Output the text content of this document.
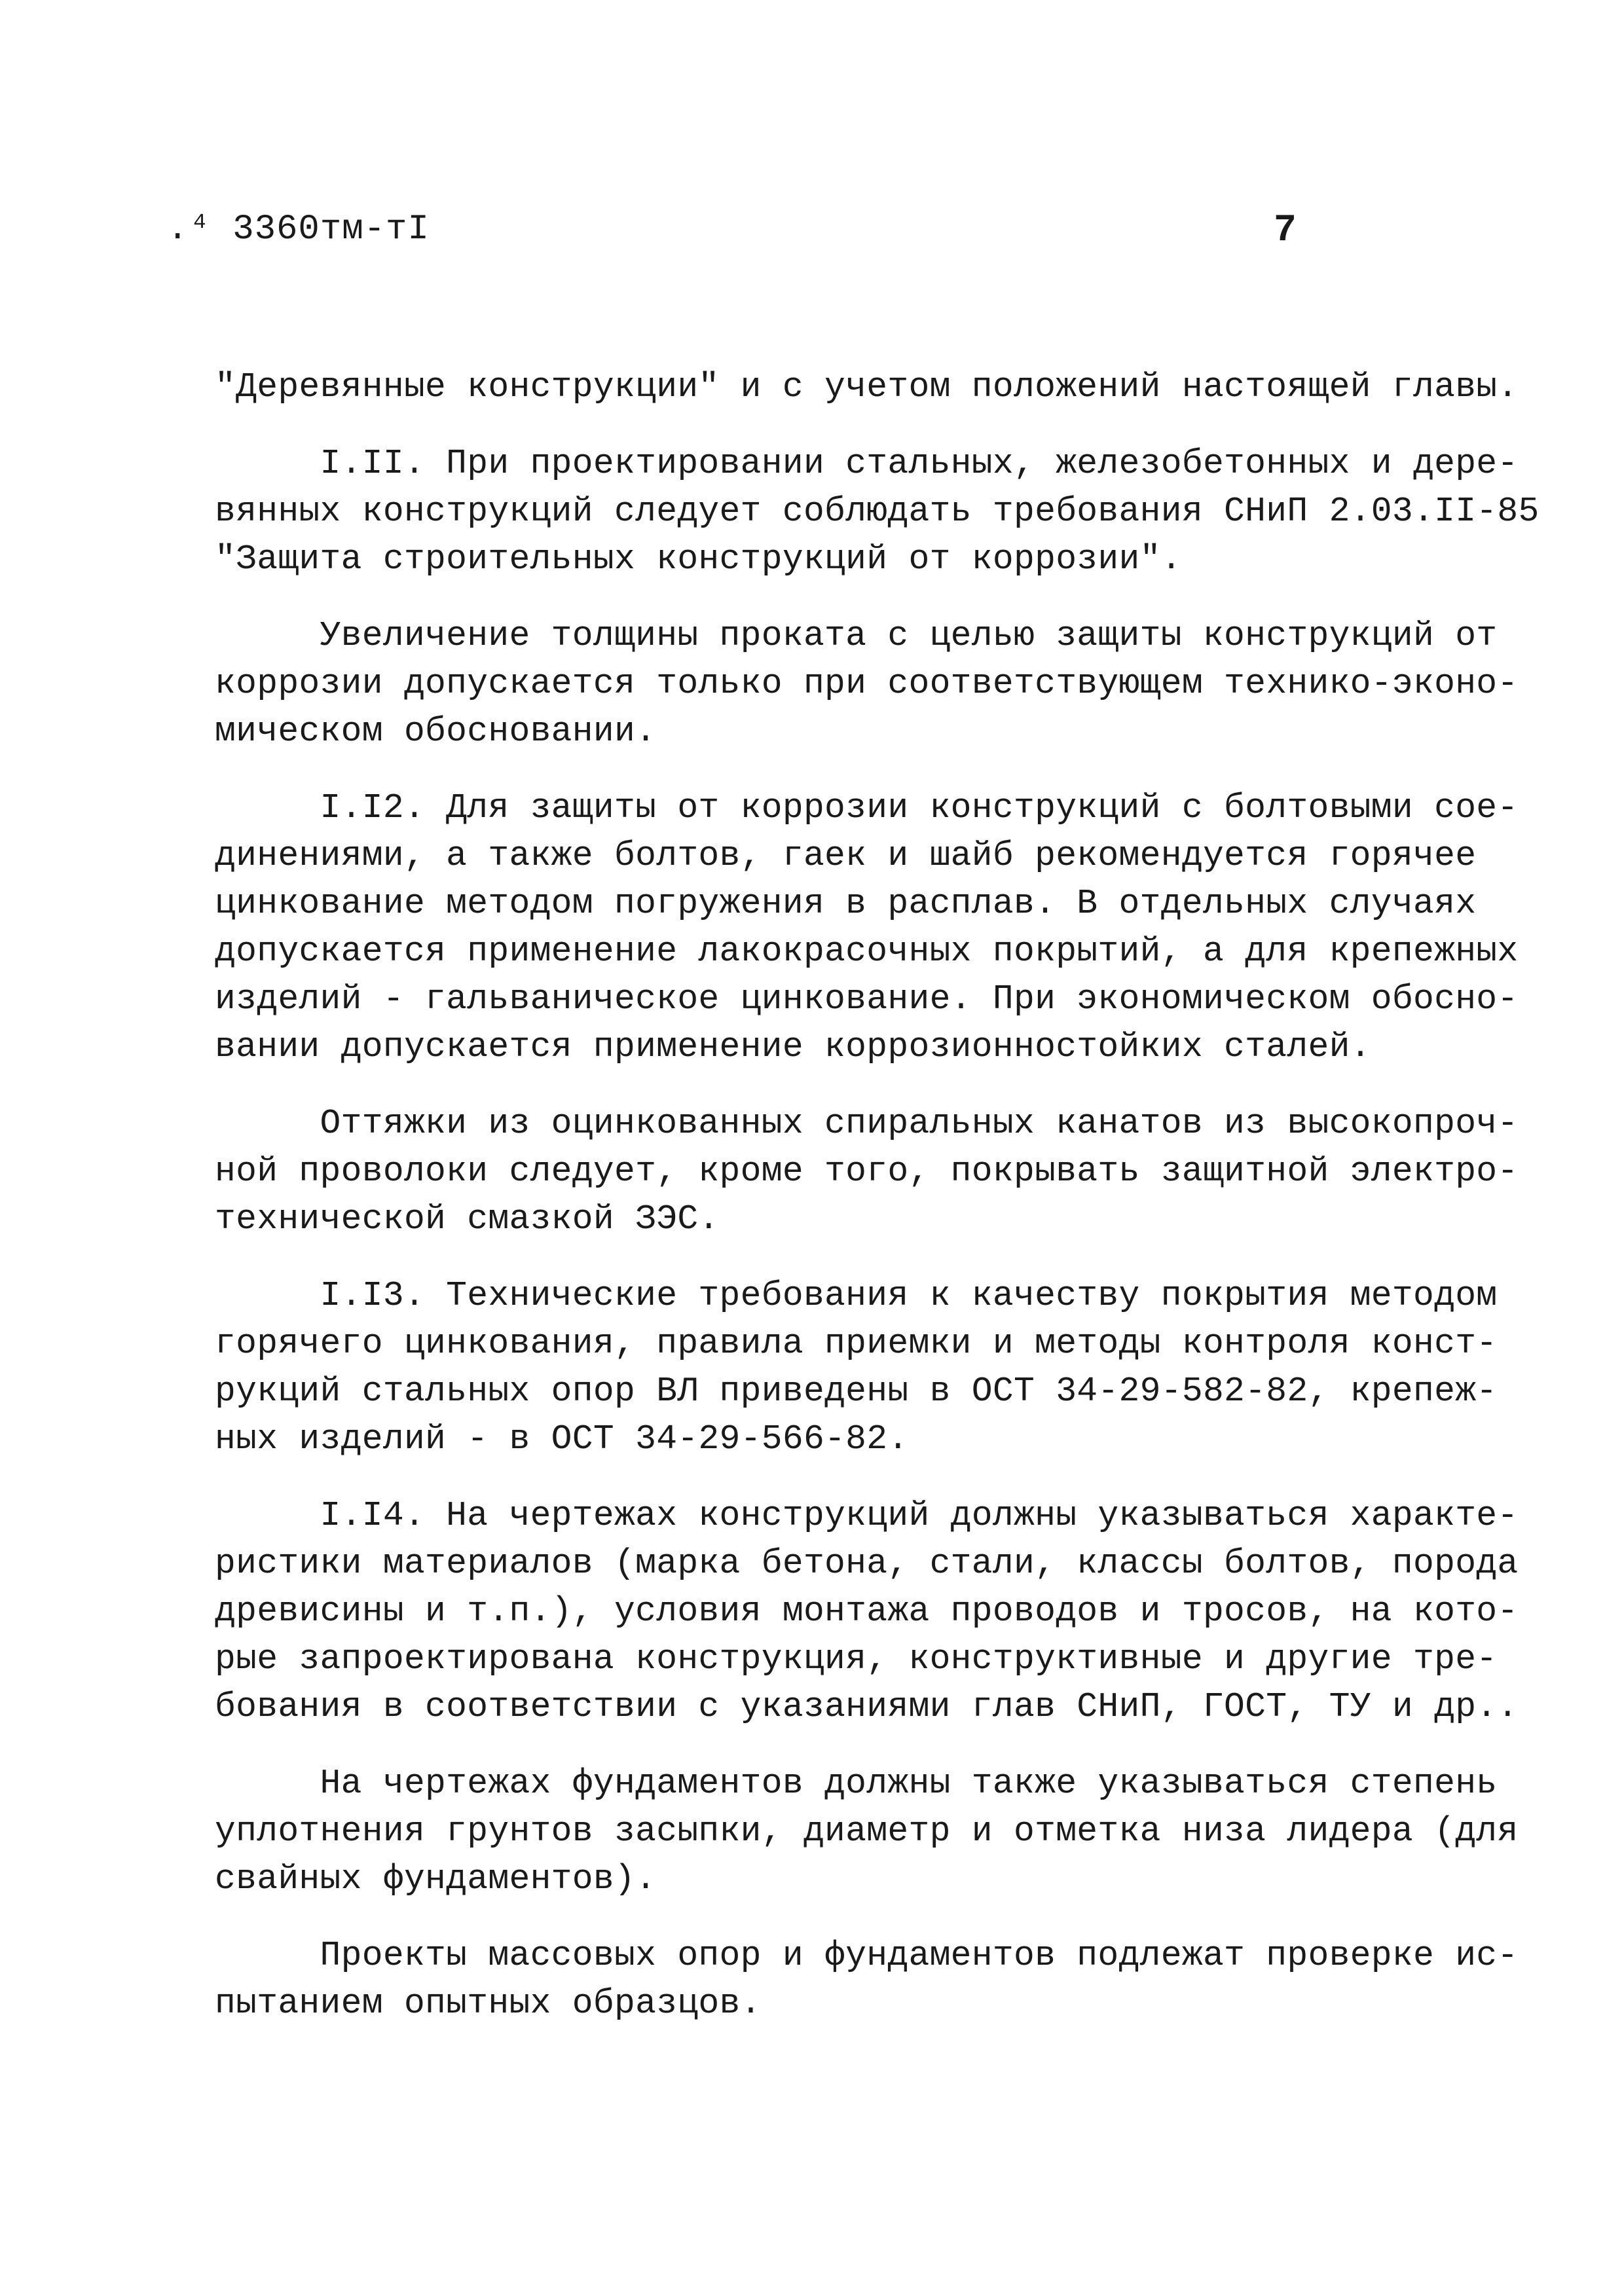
.⁴ 3360тм-тI	7
"Деревянные конструкции" и с учетом положений настоящей главы.
I.II. При проектировании стальных, железобетонных и дере-
вянных конструкций следует соблюдать требования СНиП 2.03.II-85
"Защита строительных конструкций от коррозии".
Увеличение толщины проката с целью защиты конструкций от
коррозии допускается только при соответствующем технико-эконо-
мическом обосновании.
I.I2. Для защиты от коррозии конструкций с болтовыми сое-
динениями, а также болтов, гаек и шайб рекомендуется горячее
цинкование методом погружения в расплав. В отдельных случаях
допускается применение лакокрасочных покрытий, а для крепежных
изделий - гальваническое цинкование. При экономическом обосно-
вании допускается применение коррозионностойких сталей.
Оттяжки из оцинкованных спиральных канатов из высокопроч-
ной проволоки следует, кроме того, покрывать защитной электро-
технической смазкой ЗЭС.
I.I3. Технические требования к качеству покрытия методом
горячего цинкования, правила приемки и методы контроля конст-
рукций стальных опор ВЛ приведены в ОСТ 34-29-582-82, крепеж-
ных изделий - в ОСТ 34-29-566-82.
I.I4. На чертежах конструкций должны указываться характе-
ристики материалов (марка бетона, стали, классы болтов, порода
древисины и т.п.), условия монтажа проводов и тросов, на кото-
рые запроектирована конструкция, конструктивные и другие тре-
бования в соответствии с указаниями глав СНиП, ГОСТ, ТУ и др..
На чертежах фундаментов должны также указываться степень
уплотнения грунтов засыпки, диаметр и отметка низа лидера (для
свайных фундаментов).
Проекты массовых опор и фундаментов подлежат проверке ис-
пытанием опытных образцов.
